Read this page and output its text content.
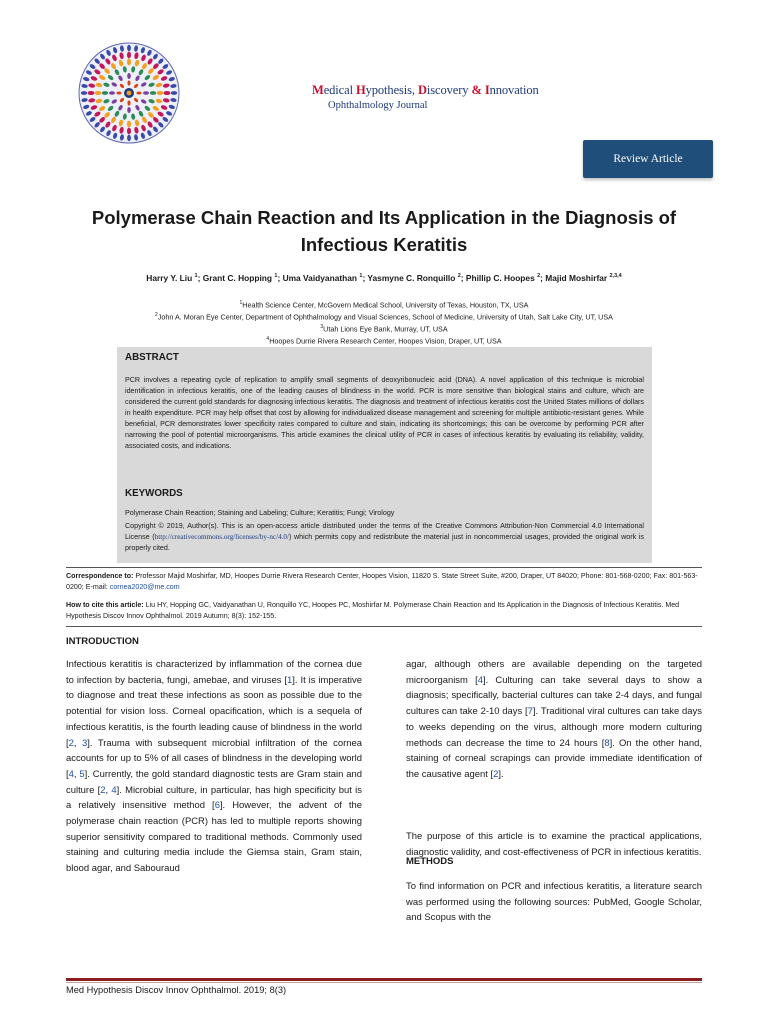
Medical Hypothesis, Discovery & Innovation
Ophthalmology Journal
Review Article
Polymerase Chain Reaction and Its Application in the Diagnosis of
Infectious Keratitis
Harry Y. Liu $^1$; Grant C. Hopping $^1$; Uma Vaidyanathan $^1$; Yasmyne C. Ronquillo $^2$; Phillip C. Hoopes $^2$; Majid Moshirfar $^{2,3,4}$
$^1$Health Science Center, McGovern Medical School, University of Texas, Houston, TX, USA
$^2$John A. Moran Eye Center, Department of Ophthalmology and Visual Sciences, School of Medicine, University of Utah, Salt Lake City, UT, USA
$^3$Utah Lions Eye Bank, Murray, UT, USA
$^4$Hoopes Durrie Rivera Research Center, Hoopes Vision, Draper, UT, USA
ABSTRACT
PCR involves a repeating cycle of replication to amplify small segments of deoxyribonucleic acid (DNA). A novel application of this technique is microbial identification in infectious keratitis, one of the leading causes of blindness in the world. PCR is more sensitive than biological stains and culture, which are considered the current gold standards for diagnosing infectious keratitis. The diagnosis and treatment of infectious keratitis cost the United States millions of dollars in health expenditure. PCR may help offset that cost by allowing for individualized disease management and screening for multiple antibiotic-resistant genes. While beneficial, PCR demonstrates lower specificity rates compared to culture and stain, indicating its shortcomings; this can be overcome by performing PCR after narrowing the pool of potential microorganisms. This article examines the clinical utility of PCR in cases of infectious keratitis by evaluating its reliability, validity, associated costs, and indications.
KEYWORDS
Polymerase Chain Reaction; Staining and Labeling; Culture; Keratitis; Fungi; Virology
Copyright © 2019, Author(s). This is an open-access article distributed under the terms of the Creative Commons Attribution-Non Commercial 4.0 International License (http://creativecommons.org/licenses/by-nc/4.0/) which permits copy and redistribute the material just in noncommercial usages, provided the original work is properly cited.
Correspondence to: Professor Majid Moshirfar, MD, Hoopes Durrie Rivera Research Center, Hoopes Vision, 11820 S. State Street Suite, #200, Draper, UT 84020; Phone: 801-568-0200; Fax: 801-563-0200; E-mail: cornea2020@me.com
How to cite this article: Liu HY, Hopping GC, Vaidyanathan U, Ronquillo YC, Hoopes PC, Moshirfar M. Polymerase Chain Reaction and Its Application in the Diagnosis of Infectious Keratitis. Med Hypothesis Discov Innov Ophthalmol. 2019 Autumn; 8(3): 152-155.
INTRODUCTION
Infectious keratitis is characterized by inflammation of the cornea due to infection by bacteria, fungi, amebae, and viruses [1]. It is imperative to diagnose and treat these infections as soon as possible due to the potential for vision loss. Corneal opacification, which is a sequela of infectious keratitis, is the fourth leading cause of blindness in the world [2, 3]. Trauma with subsequent microbial infiltration of the cornea accounts for up to 5% of all cases of blindness in the developing world [4, 5]. Currently, the gold standard diagnostic tests are Gram stain and culture [2, 4]. Microbial culture, in particular, has high specificity but is a relatively insensitive method [6]. However, the advent of the polymerase chain reaction (PCR) has led to multiple reports showing superior sensitivity compared to traditional methods. Commonly used staining and culturing media include the Giemsa stain, Gram stain, blood agar, and Sabouraud
agar, although others are available depending on the targeted microorganism [4]. Culturing can take several days to show a diagnosis; specifically, bacterial cultures can take 2-4 days, and fungal cultures can take 2-10 days [7]. Traditional viral cultures can take days to weeks depending on the virus, although more modern culturing methods can decrease the time to 24 hours [8]. On the other hand, staining of corneal scrapings can provide immediate identification of the causative agent [2].
The purpose of this article is to examine the practical applications, diagnostic validity, and cost-effectiveness of PCR in infectious keratitis.
METHODS
To find information on PCR and infectious keratitis, a literature search was performed using the following sources: PubMed, Google Scholar, and Scopus with the
Med Hypothesis Discov Innov Ophthalmol. 2019; 8(3)
